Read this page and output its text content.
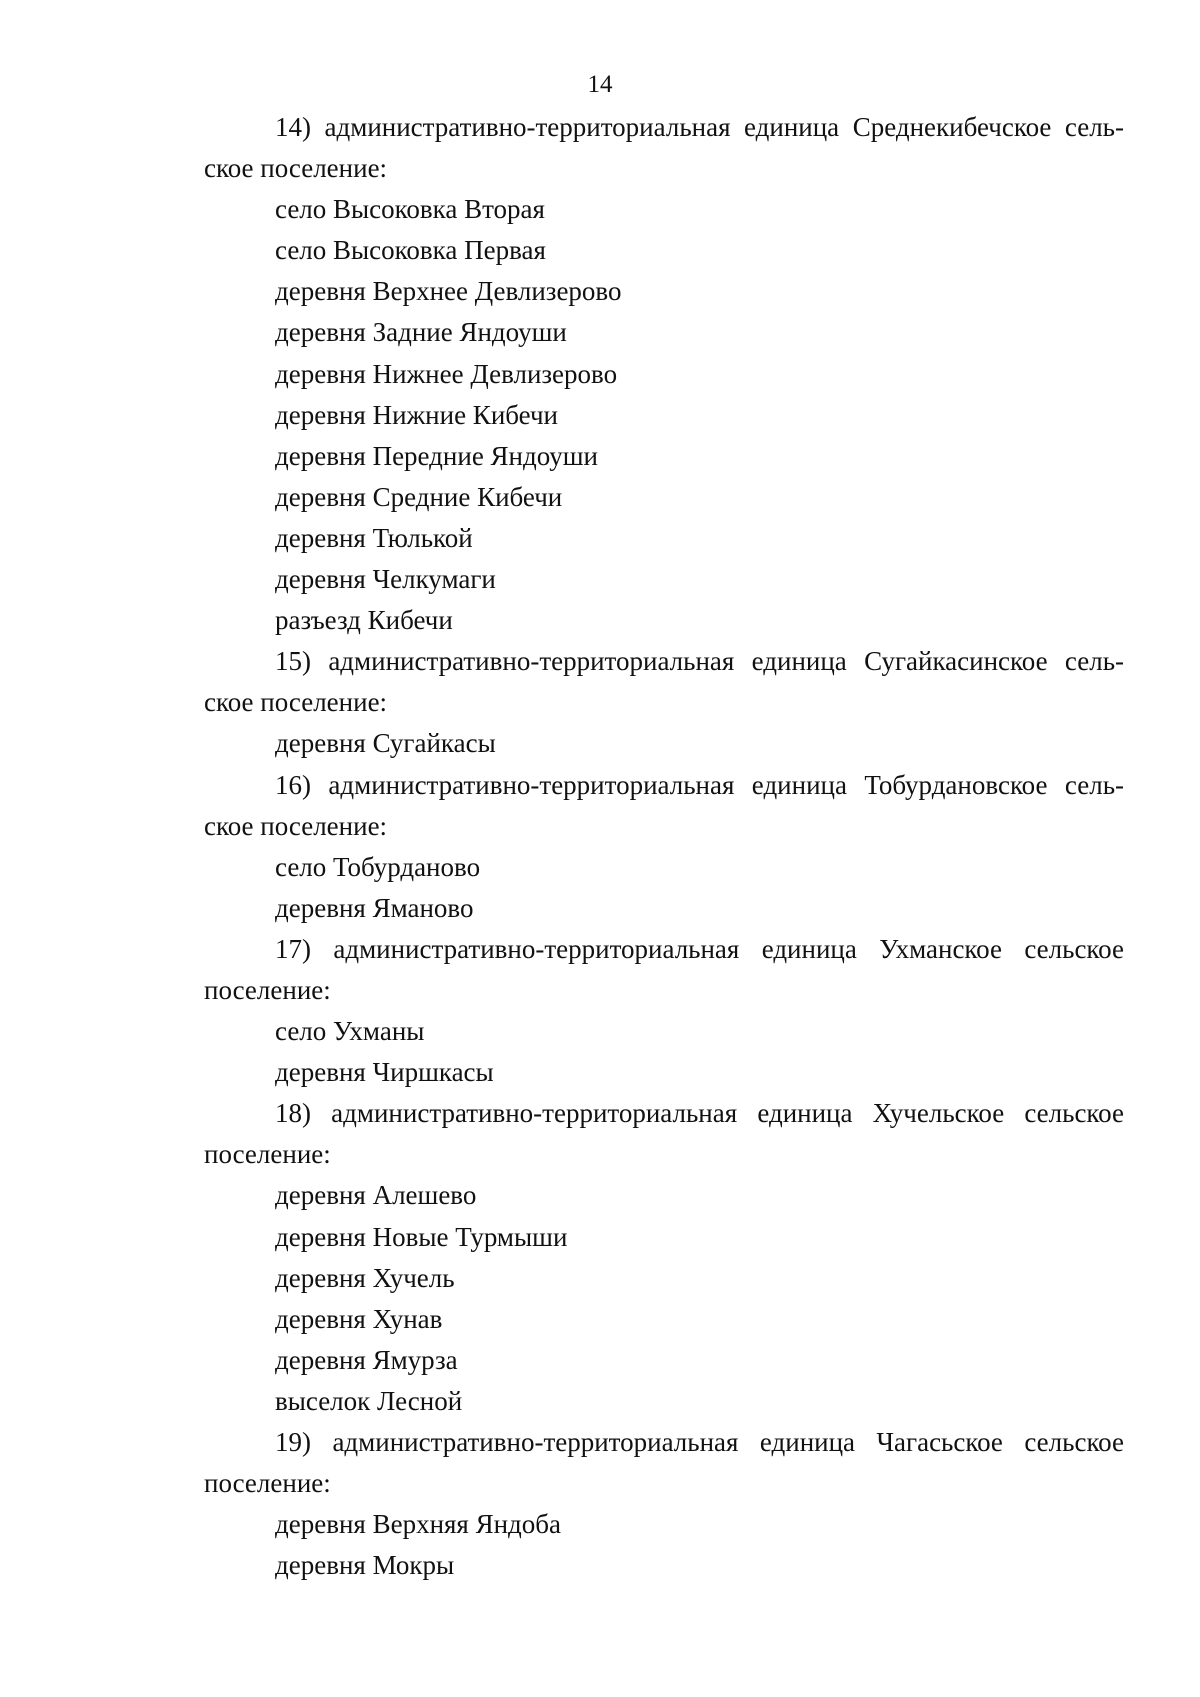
14

14) административно-территориальная единица Среднекибечское сель-ское поселение:

село Высоковка Вторая
село Высоковка Первая
деревня Верхнее Девлизерово
деревня Задние Яндоуши
деревня Нижнее Девлизерово
деревня Нижние Кибечи
деревня Передние Яндоуши
деревня Средние Кибечи
деревня Тюлькой
деревня Челкумаги
разъезд Кибечи

15) административно-территориальная единица Сугайкасинское сель-ское поселение:

деревня Сугайкасы

16) административно-территориальная единица Тобурдановское сель-ское поселение:

село Тобурданово
деревня Яманово

17) административно-территориальная единица Ухманское сельское поселение:

село Ухманы
деревня Чиршкасы

18) административно-территориальная единица Хучельское сельское поселение:

деревня Алешево
деревня Новые Турмыши
деревня Хучель
деревня Хунав
деревня Ямурза
выселок Лесной

19) административно-территориальная единица Чагасьское сельское поселение:

деревня Верхняя Яндоба
деревня Мокры
